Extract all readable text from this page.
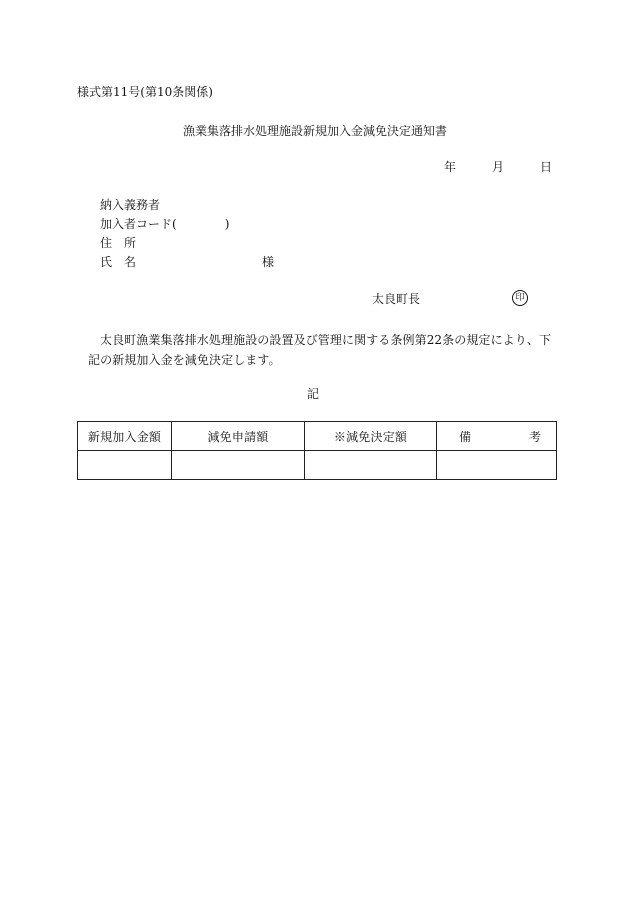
様式第11号(第10条関係)
漁業集落排水処理施設新規加入金減免決定通知書
年	月	日
納入義務者
加入者コード(	)
住　所
氏　名	様
太良町長	印
太良町漁業集落排水処理施設の設置及び管理に関する条例第22条の規定により、下記の新規加入金を減免決定します。
記
新規加入金額	減免申請額	※減免決定額	備 考
